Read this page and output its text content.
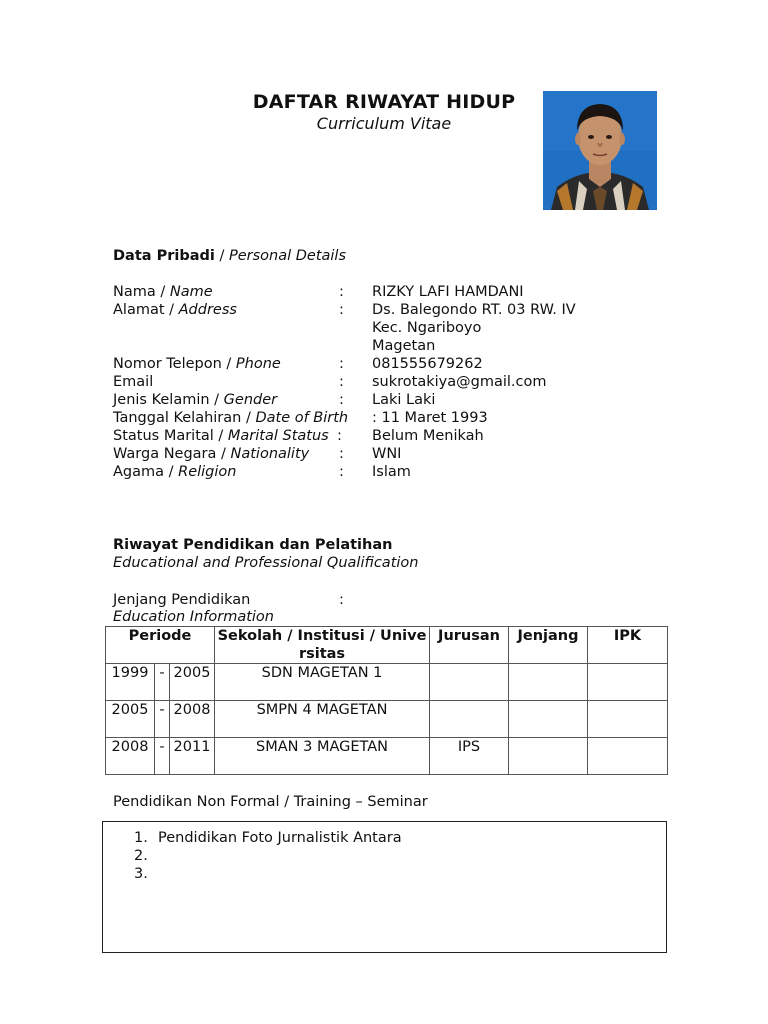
DAFTAR RIWAYAT HIDUP
Curriculum Vitae
Data Pribadi / Personal Details
Nama / Name	: RIZKY LAFI HAMDANI
Alamat / Address	: Ds. Balegondo RT. 03 RW. IV
Kec. Ngariboyo
Magetan
Nomor Telepon / Phone	: 081555679262
Email	: sukrotakiya@gmail.com
Jenis Kelamin / Gender	: Laki Laki
Tanggal Kelahiran / Date of Birth : 11 Maret 1993
Status Marital / Marital Status : Belum Menikah
Warga Negara / Nationality : WNI
Agama / Religion	: Islam
Riwayat Pendidikan dan Pelatihan
Educational and Professional Qualification
Jenjang Pendidikan	:
Education Information
Periode			Sekolah / Institusi / Universitas	Jurusan	Jenjang	IPK
1999	-	2005	SDN MAGETAN 1			
2005	-	2008	SMPN 4 MAGETAN			
2008	-	2011	SMAN 3 MAGETAN	IPS		
Pendidikan Non Formal / Training – Seminar
1. Pendidikan Foto Jurnalistik Antara
2.
3.
